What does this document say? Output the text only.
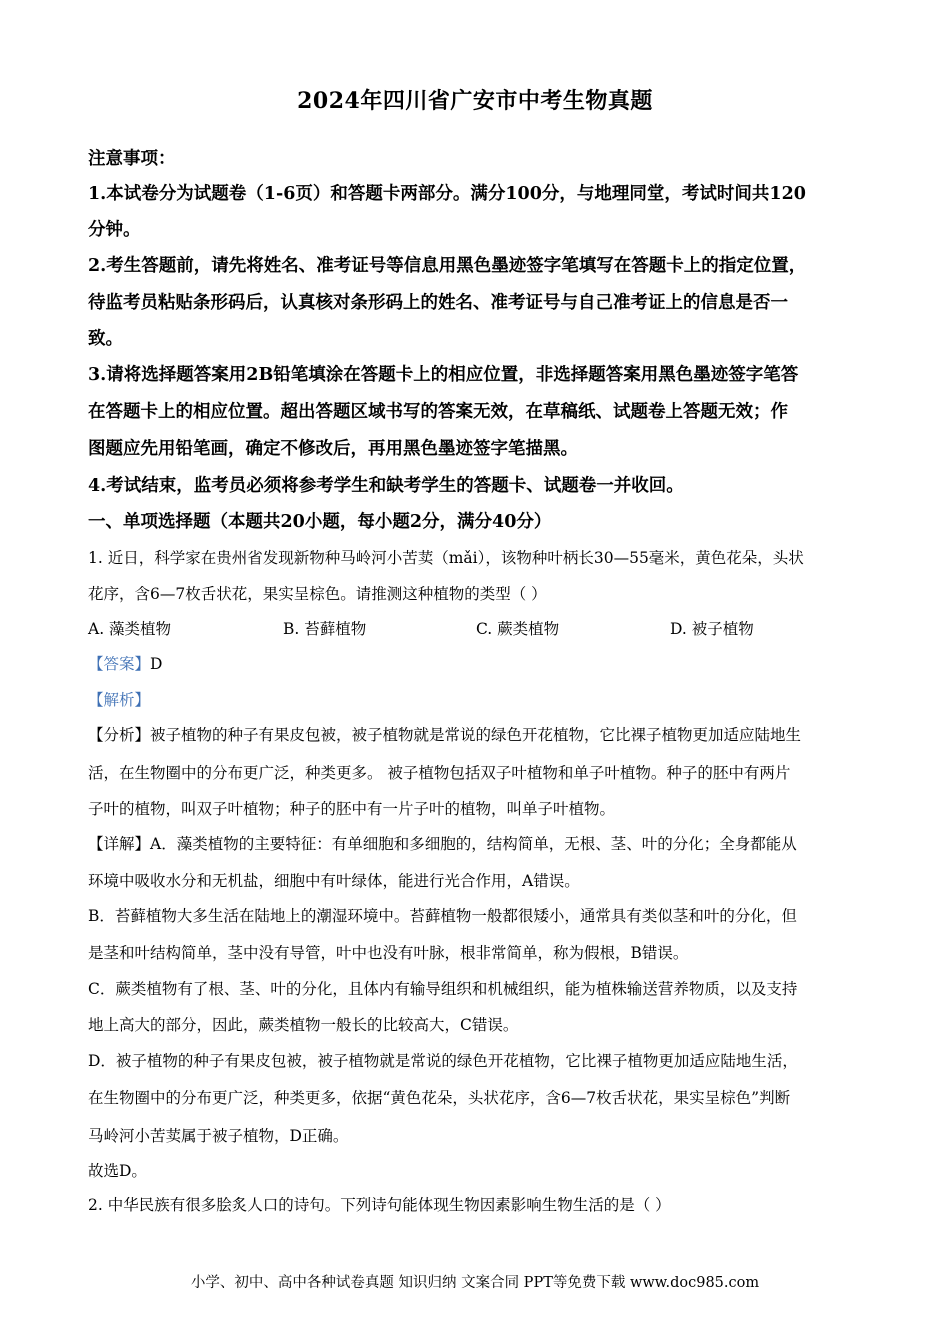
2024年四川省广安市中考生物真题
注意事项：
1.本试卷分为试题卷（1-6页）和答题卡两部分。满分100分，与地理同堂，考试时间共120
分钟。
2.考生答题前，请先将姓名、准考证号等信息用黑色墨迹签字笔填写在答题卡上的指定位置，
待监考员粘贴条形码后，认真核对条形码上的姓名、准考证号与自己准考证上的信息是否一
致。
3.请将选择题答案用2B铅笔填涂在答题卡上的相应位置，非选择题答案用黑色墨迹签字笔答
在答题卡上的相应位置。超出答题区域书写的答案无效，在草稿纸、试题卷上答题无效；作
图题应先用铅笔画，确定不修改后，再用黑色墨迹签字笔描黑。
4.考试结束，监考员必须将参考学生和缺考学生的答题卡、试题卷一并收回。
一、单项选择题（本题共20小题，每小题2分，满分40分）
1. 近日，科学家在贵州省发现新物种马岭河小苦荬（mǎi），该物种叶柄长30—55毫米，黄色花朵，头状
花序，含6—7枚舌状花，果实呈棕色。请推测这种植物的类型（ ）
A. 藻类植物	B. 苔藓植物	C. 蕨类植物	D. 被子植物
【答案】D
【解析】
【分析】被子植物的种子有果皮包被，被子植物就是常说的绿色开花植物，它比裸子植物更加适应陆地生
活，在生物圈中的分布更广泛，种类更多。 被子植物包括双子叶植物和单子叶植物。种子的胚中有两片
子叶的植物，叫双子叶植物；种子的胚中有一片子叶的植物，叫单子叶植物。
【详解】A．藻类植物的主要特征：有单细胞和多细胞的，结构简单，无根、茎、叶的分化；全身都能从
环境中吸收水分和无机盐，细胞中有叶绿体，能进行光合作用，A错误。
B．苔藓植物大多生活在陆地上的潮湿环境中。苔藓植物一般都很矮小，通常具有类似茎和叶的分化，但
是茎和叶结构简单，茎中没有导管，叶中也没有叶脉，根非常简单，称为假根，B错误。
C．蕨类植物有了根、茎、叶的分化，且体内有输导组织和机械组织，能为植株输送营养物质，以及支持
地上高大的部分，因此，蕨类植物一般长的比较高大，C错误。
D．被子植物的种子有果皮包被，被子植物就是常说的绿色开花植物，它比裸子植物更加适应陆地生活，
在生物圈中的分布更广泛，种类更多，依据“黄色花朵，头状花序，含6—7枚舌状花，果实呈棕色”判断
马岭河小苦荬属于被子植物，D正确。
故选D。
2. 中华民族有很多脍炙人口的诗句。下列诗句能体现生物因素影响生物生活的是（ ）
小学、初中、高中各种试卷真题 知识归纳 文案合同 PPT等免费下载 www.doc985.com
